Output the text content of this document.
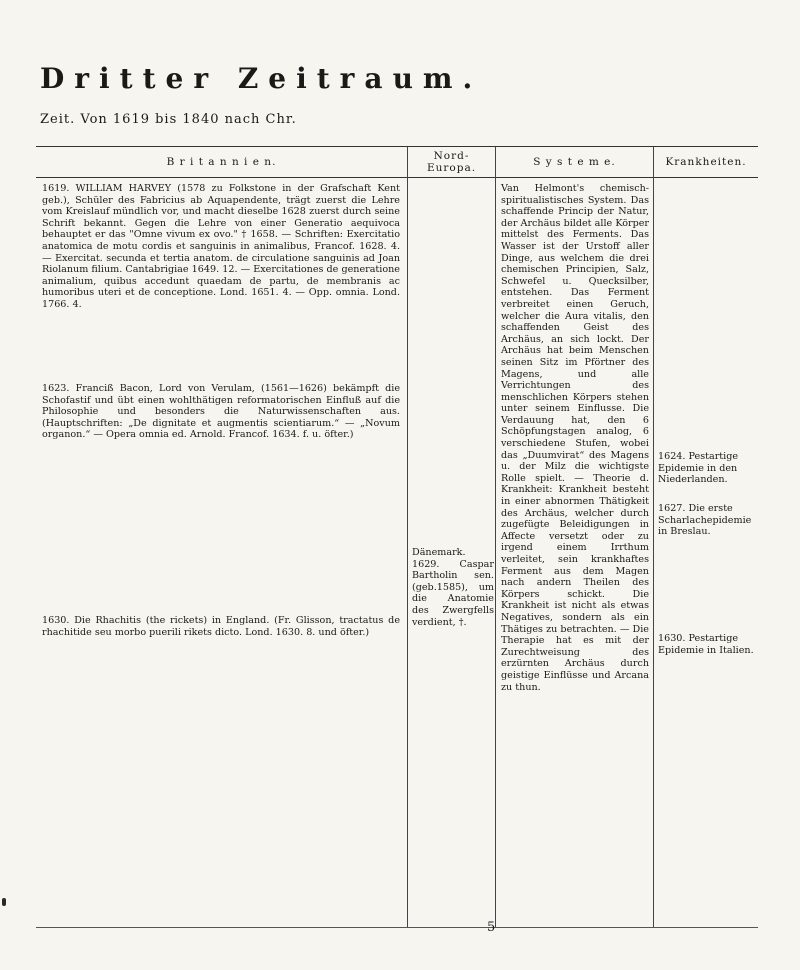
Dritter Zeitraum.
Zeit. Von 1619 bis 1840 nach Chr.
B r i t a n n i e n.

1619. WILLIAM HARVEY (1578 zu Folkstone in der Grafschaft Kent geb.), Schüler des Fabricius ab Aquapendente, trägt zuerst die Lehre vom Kreislauf mündlich vor, und macht dieselbe 1628 zuerst durch seine Schrift bekannt. Gegen die Lehre von einer Generatio aequivoca behauptet er das "Omne vivum ex ovo." † 1658. — Schriften: Exercitatio anatomica de motu cordis et sanguinis in animalibus, Francof. 1628. 4. — Exercitat. secunda et tertia anatom. de circulatione sanguinis ad Joan Riolanum filium. Cantabrigiae 1649. 12. — Exercitationes de generatione animalium, quibus accedunt quaedam de partu, de membranis ac humoribus uteri et de conceptione. Lond. 1651. 4. — Opp. omnia. Lond. 1766. 4.

1623. Franciß Bacon, Lord von Verulam, (1561—1626) bekämpft die Schofastif und übt einen wohlthätigen reformatorischen Einfluß auf die Philosophie und besonders die Naturwissenschaften aus. (Hauptschriften: „De dignitate et augmentis scientiarum.“ — „Novum organon.“ — Opera omnia ed. Arnold. Francof. 1634. f. u. öfter.)

1630. Die Rhachitis (the rickets) in England. (Fr. Glisson, tractatus de rhachitide seu morbo puerili rikets dicto. Lond. 1630. 8. und öfter.)

Nord-
Europa.

Dänemark.
1629. Caspar Bartholin sen.(geb.1585), um die Anatomie des Zwergfells verdient, †.

S y s t e m e.

Van Helmont's chemisch-spiritualistisches System. Das schaffende Princip der Natur, der Archäus bildet alle Körper mittelst des Ferments. Das Wasser ist der Urstoff aller Dinge, aus welchem die drei chemischen Principien, Salz, Schwefel u. Quecksilber, entstehen. Das Ferment verbreitet einen Geruch, welcher die Aura vitalis, den schaffenden Geist des Archäus, an sich lockt. Der Archäus hat beim Menschen seinen Sitz im Pförtner des Magens, und alle Verrichtungen des menschlichen Körpers stehen unter seinem Einflusse. Die Verdauung hat, den 6 Schöpfungstagen analog, 6 verschiedene Stufen, wobei das „Duumvirat“ des Magens u. der Milz die wichtigste Rolle spielt. — Theorie d. Krankheit: Krankheit besteht in einer abnormen Thätigkeit des Archäus, welcher durch zugefügte Beleidigungen in Affecte versetzt oder zu irgend einem Irrthum verleitet, sein krankhaftes Ferment aus dem Magen nach andern Theilen des Körpers schickt. Die Krankheit ist nicht als etwas Negatives, sondern als ein Thätiges zu betrachten. — Die Therapie hat es mit der Zurechtweisung des erzürnten Archäus durch geistige Einflüsse und Arcana zu thun.

Krankheiten.

1624. Pestartige Epidemie in den Niederlanden.

1627. Die erste Scharlachepidemie in Breslau.

1630. Pestartige Epidemie in Italien.

5
